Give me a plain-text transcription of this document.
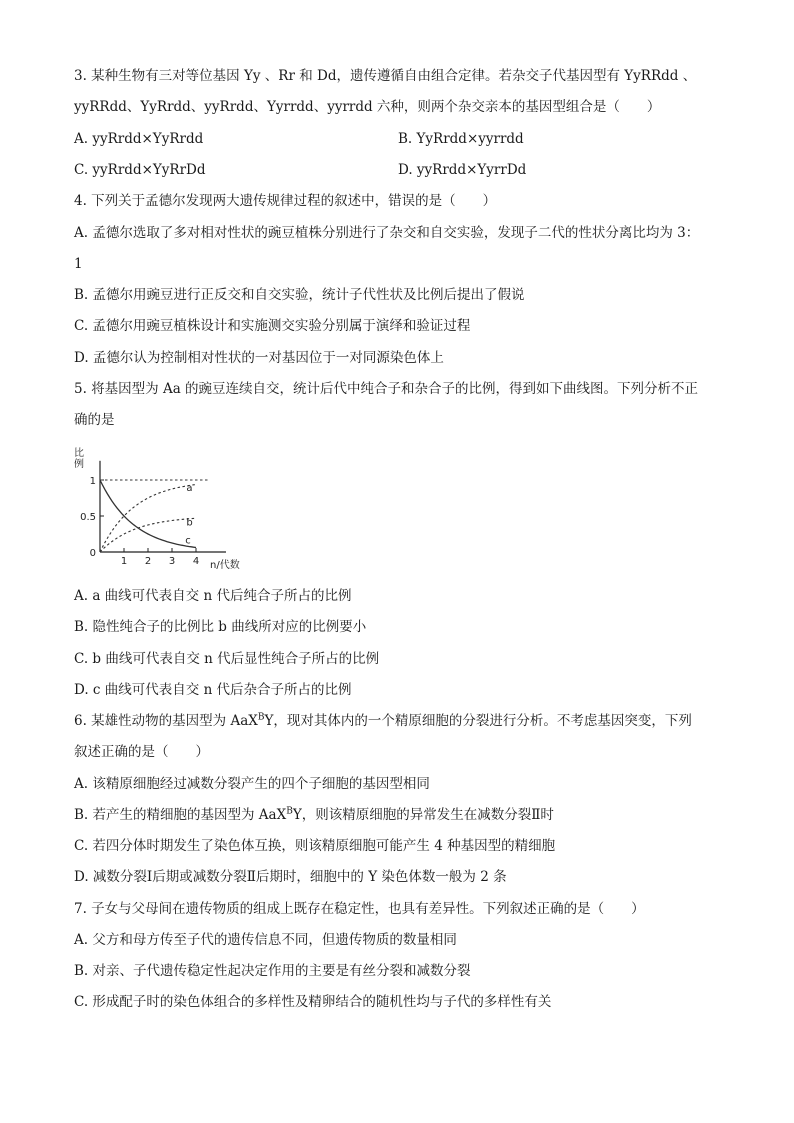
3. 某种生物有三对等位基因 Yy 、Rr 和 Dd，遗传遵循自由组合定律。若杂交子代基因型有 YyRRdd 、
yyRRdd、YyRrdd、yyRrdd、Yyrrdd、yyrrdd 六种，则两个杂交亲本的基因型组合是（　　）
A. yyRrdd×YyRrdd	B. YyRrdd×yyrrdd
C. yyRrdd×YyRrDd	D. yyRrdd×YyrrDd
4. 下列关于孟德尔发现两大遗传规律过程的叙述中，错误的是（　　）
A. 孟德尔选取了多对相对性状的豌豆植株分别进行了杂交和自交实验，发现子二代的性状分离比均为 3：
1
B. 孟德尔用豌豆进行正反交和自交实验，统计子代性状及比例后提出了假说
C. 孟德尔用豌豆植株设计和实施测交实验分别属于演绎和验证过程
D. 孟德尔认为控制相对性状的一对基因位于一对同源染色体上
5. 将基因型为 Aa 的豌豆连续自交，统计后代中纯合子和杂合子的比例，得到如下曲线图。下列分析不正
确的是
1 2 3 4
0
0.5
1
比例
n/代数
a
b
c
A. a 曲线可代表自交 n 代后纯合子所占的比例
B. 隐性纯合子的比例比 b 曲线所对应的比例要小
C. b 曲线可代表自交 n 代后显性纯合子所占的比例
D. c 曲线可代表自交 n 代后杂合子所占的比例
6. 某雄性动物的基因型为 AaX$^B$Y，现对其体内的一个精原细胞的分裂进行分析。不考虑基因突变，下列
叙述正确的是（　　）
A. 该精原细胞经过减数分裂产生的四个子细胞的基因型相同
B. 若产生的精细胞的基因型为 AaX$^B$Y，则该精原细胞的异常发生在减数分裂Ⅱ时
C. 若四分体时期发生了染色体互换，则该精原细胞可能产生 4 种基因型的精细胞
D. 减数分裂Ⅰ后期或减数分裂Ⅱ后期时，细胞中的 Y 染色体数一般为 2 条
7. 子女与父母间在遗传物质的组成上既存在稳定性，也具有差异性。下列叙述正确的是（　　）
A. 父方和母方传至子代的遗传信息不同，但遗传物质的数量相同
B. 对亲、子代遗传稳定性起决定作用的主要是有丝分裂和减数分裂
C. 形成配子时的染色体组合的多样性及精卵结合的随机性均与子代的多样性有关
